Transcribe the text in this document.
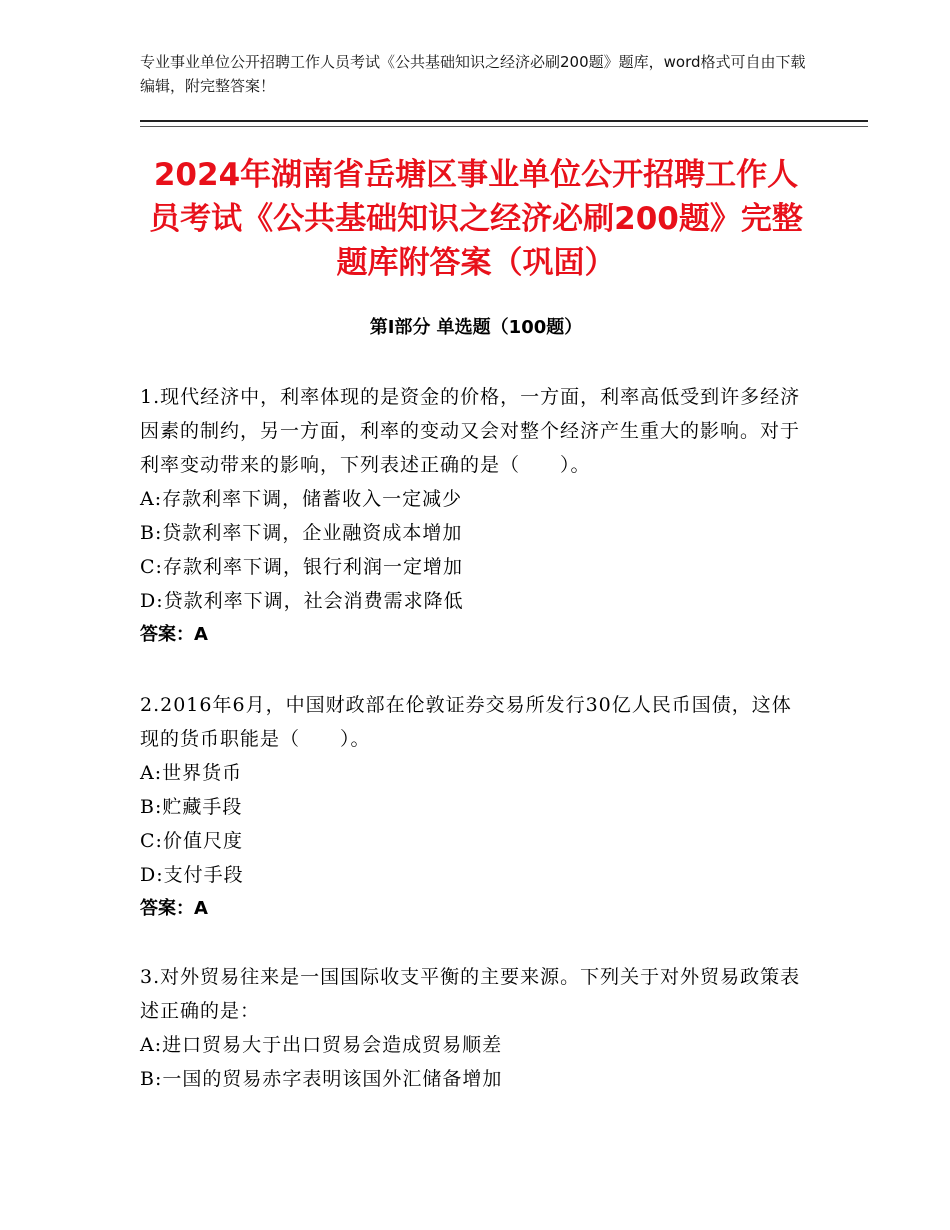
专业事业单位公开招聘工作人员考试《公共基础知识之经济必刷200题》题库，word格式可自由下载编辑，附完整答案！
2024年湖南省岳塘区事业单位公开招聘工作人员考试《公共基础知识之经济必刷200题》完整题库附答案（巩固）
第Ⅰ部分 单选题（100题）
1.现代经济中，利率体现的是资金的价格，一方面，利率高低受到许多经济因素的制约，另一方面，利率的变动又会对整个经济产生重大的影响。对于利率变动带来的影响，下列表述正确的是（　　）。
A:存款利率下调，储蓄收入一定减少
B:贷款利率下调，企业融资成本增加
C:存款利率下调，银行利润一定增加
D:贷款利率下调，社会消费需求降低
答案：A
2.2016年6月，中国财政部在伦敦证券交易所发行30亿人民币国债，这体现的货币职能是（　　）。
A:世界货币
B:贮藏手段
C:价值尺度
D:支付手段
答案：A
3.对外贸易往来是一国国际收支平衡的主要来源。下列关于对外贸易政策表述正确的是：
A:进口贸易大于出口贸易会造成贸易顺差
B:一国的贸易赤字表明该国外汇储备增加
